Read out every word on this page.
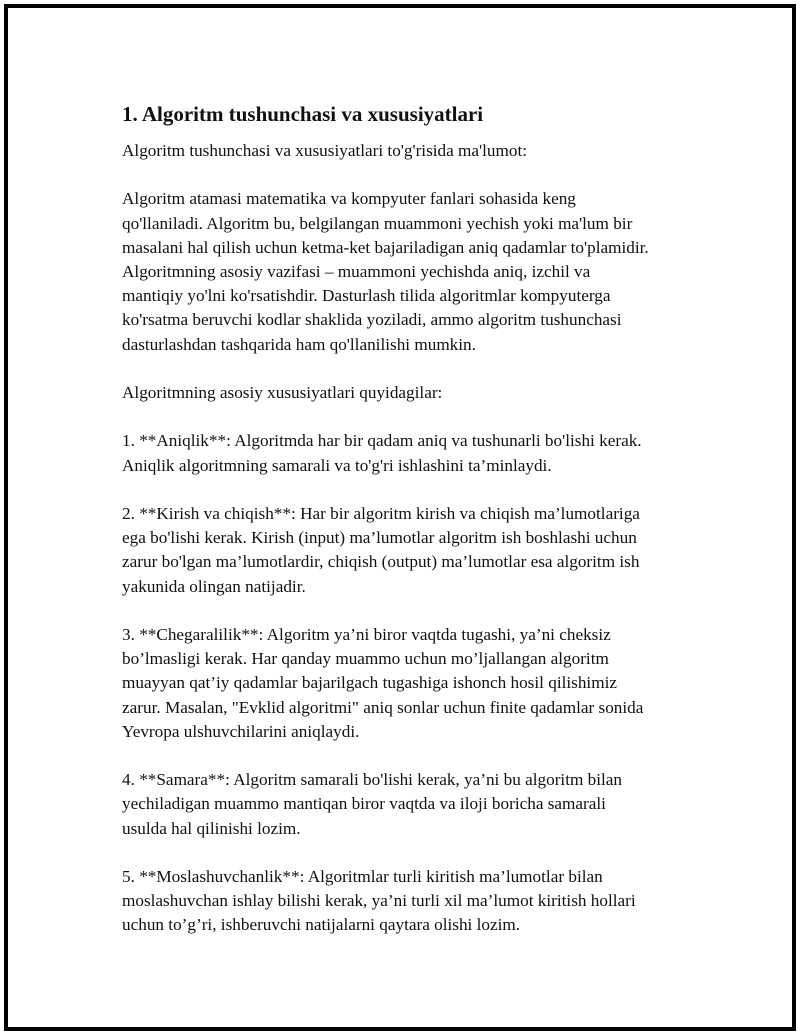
1. Algoritm tushunchasi va xususiyatlari

Algoritm tushunchasi va xususiyatlari to'g'risida ma'lumot:

Algoritm atamasi matematika va kompyuter fanlari sohasida keng
qo'llaniladi. Algoritm bu, belgilangan muammoni yechish yoki ma'lum bir
masalani hal qilish uchun ketma-ket bajariladigan aniq qadamlar to'plamidir.
Algoritmning asosiy vazifasi – muammoni yechishda aniq, izchil va
mantiqiy yo'lni ko'rsatishdir. Dasturlash tilida algoritmlar kompyuterga
ko'rsatma beruvchi kodlar shaklida yoziladi, ammo algoritm tushunchasi
dasturlashdan tashqarida ham qo'llanilishi mumkin.

Algoritmning asosiy xususiyatlari quyidagilar:

1. **Aniqlik**: Algoritmda har bir qadam aniq va tushunarli bo'lishi kerak.
Aniqlik algoritmning samarali va to'g'ri ishlashini ta’minlaydi.

2. **Kirish va chiqish**: Har bir algoritm kirish va chiqish ma’lumotlariga
ega bo'lishi kerak. Kirish (input) ma’lumotlar algoritm ish boshlashi uchun
zarur bo'lgan ma’lumotlardir, chiqish (output) ma’lumotlar esa algoritm ish
yakunida olingan natijadir.

3. **Chegaralilik**: Algoritm ya’ni biror vaqtda tugashi, ya’ni cheksiz
bo’lmasligi kerak. Har qanday muammo uchun mo’ljallangan algoritm
muayyan qat’iy qadamlar bajarilgach tugashiga ishonch hosil qilishimiz
zarur. Masalan, "Evklid algoritmi" aniq sonlar uchun finite qadamlar sonida
Yevropa ulshuvchilarini aniqlaydi.

4. **Samara**: Algoritm samarali bo'lishi kerak, ya’ni bu algoritm bilan
yechiladigan muammo mantiqan biror vaqtda va iloji boricha samarali
usulda hal qilinishi lozim.

5. **Moslashuvchanlik**: Algoritmlar turli kiritish ma’lumotlar bilan
moslashuvchan ishlay bilishi kerak, ya’ni turli xil ma’lumot kiritish hollari
uchun to’g’ri, ishberuvchi natijalarni qaytara olishi lozim.
